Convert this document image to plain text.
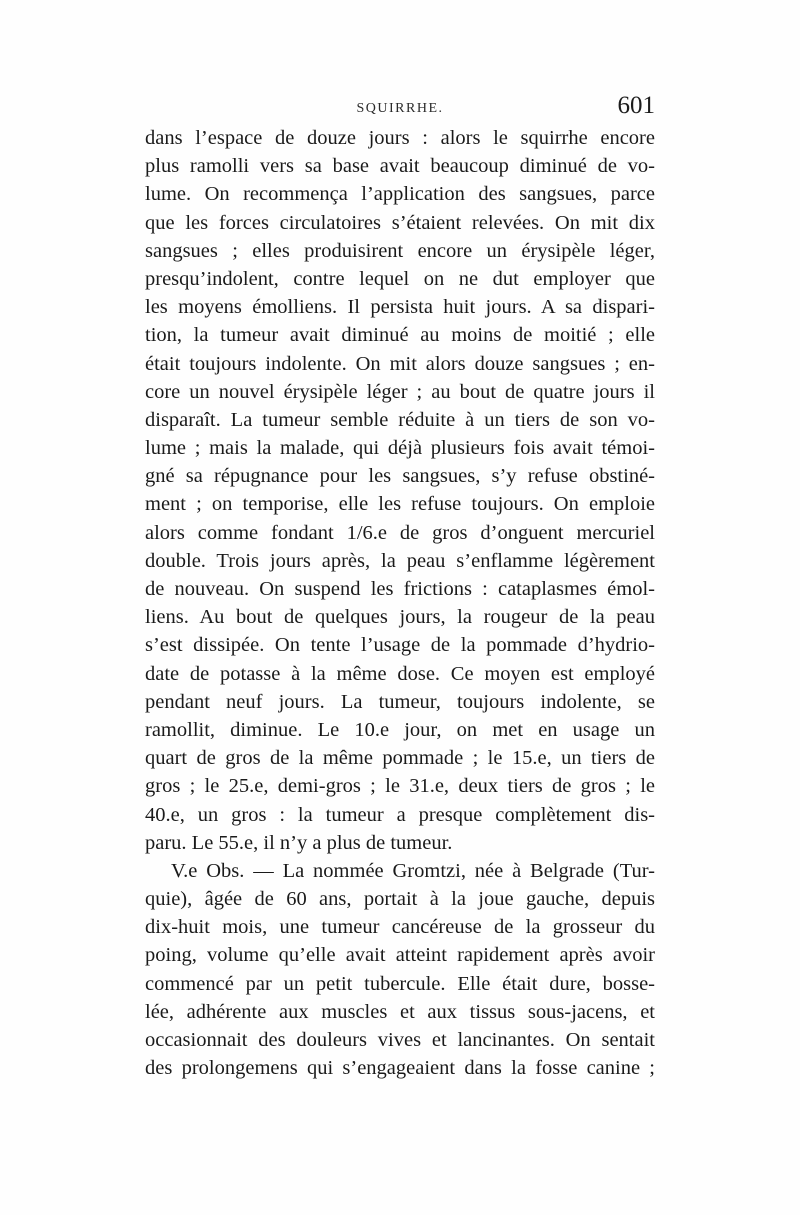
SQUIRRHE.	601
dans l’espace de douze jours : alors le squirrhe encore
plus ramolli vers sa base avait beaucoup diminué de vo-
lume. On recommença l’application des sangsues, parce
que les forces circulatoires s’étaient relevées. On mit dix
sangsues ; elles produisirent encore un érysipèle léger,
presqu’indolent, contre lequel on ne dut employer que
les moyens émolliens. Il persista huit jours. A sa dispari-
tion, la tumeur avait diminué au moins de moitié ; elle
était toujours indolente. On mit alors douze sangsues ; en-
core un nouvel érysipèle léger ; au bout de quatre jours il
disparaît. La tumeur semble réduite à un tiers de son vo-
lume ; mais la malade, qui déjà plusieurs fois avait témoi-
gné sa répugnance pour les sangsues, s’y refuse obstiné-
ment ; on temporise, elle les refuse toujours. On emploie
alors comme fondant 1/6.e de gros d’onguent mercuriel
double. Trois jours après, la peau s’enflamme légèrement
de nouveau. On suspend les frictions : cataplasmes émol-
liens. Au bout de quelques jours, la rougeur de la peau
s’est dissipée. On tente l’usage de la pommade d’hydrio-
date de potasse à la même dose. Ce moyen est employé
pendant neuf jours. La tumeur, toujours indolente, se
ramollit, diminue. Le 10.e jour, on met en usage un
quart de gros de la même pommade ; le 15.e, un tiers de
gros ; le 25.e, demi-gros ; le 31.e, deux tiers de gros ; le
40.e, un gros : la tumeur a presque complètement dis-
paru. Le 55.e, il n’y a plus de tumeur.
V.e Obs. — La nommée Gromtzi, née à Belgrade (Tur-
quie), âgée de 60 ans, portait à la joue gauche, depuis
dix-huit mois, une tumeur cancéreuse de la grosseur du
poing, volume qu’elle avait atteint rapidement après avoir
commencé par un petit tubercule. Elle était dure, bosse-
lée, adhérente aux muscles et aux tissus sous-jacens, et
occasionnait des douleurs vives et lancinantes. On sentait
des prolongemens qui s’engageaient dans la fosse canine ;
